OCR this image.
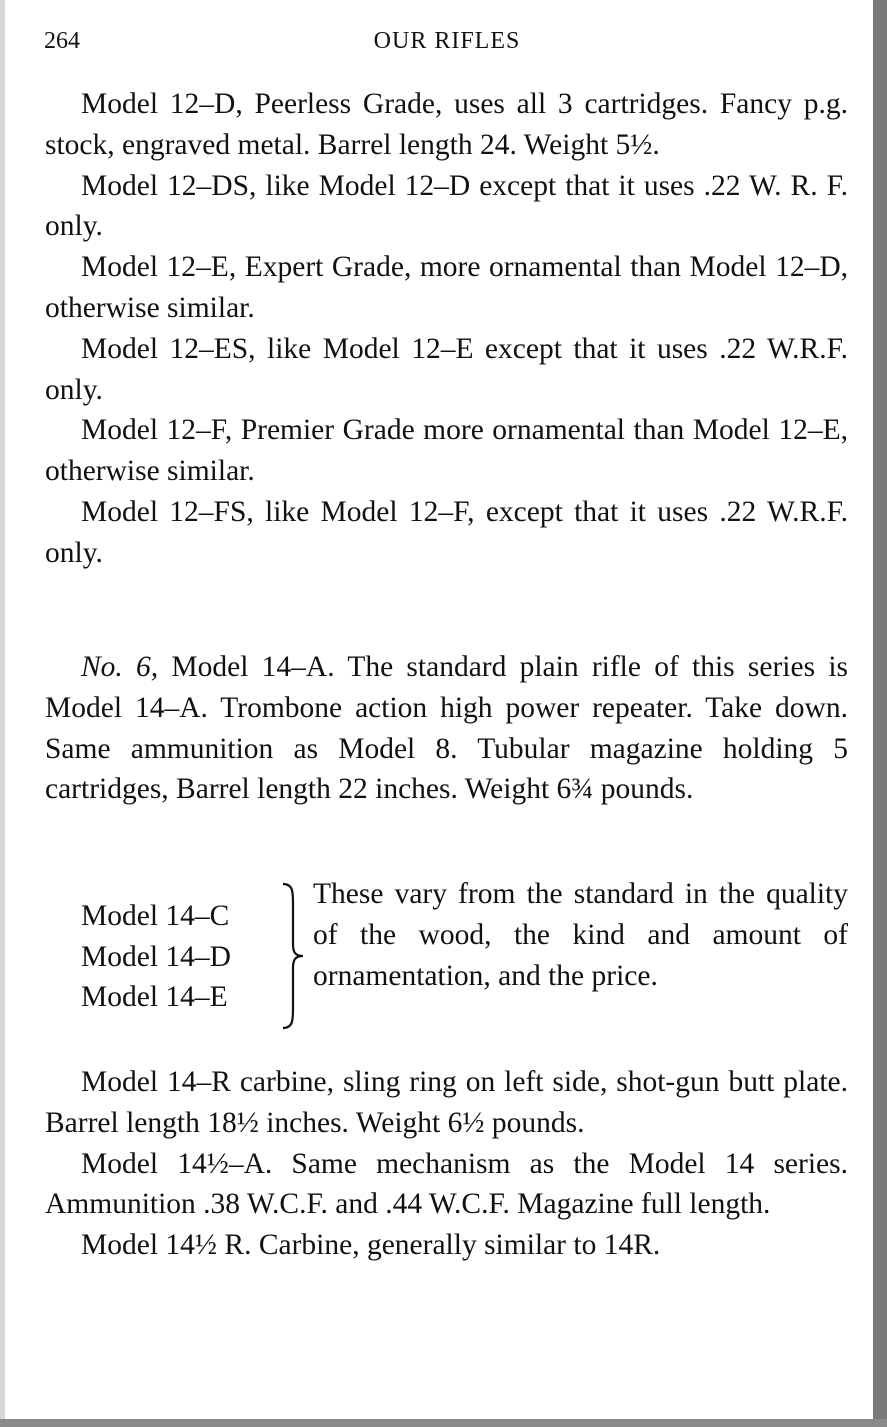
264	OUR RIFLES

Model 12–D, Peerless Grade, uses all 3 cartridges. Fancy p.g. stock, engraved metal. Barrel length 24. Weight 5½.

Model 12–DS, like Model 12–D except that it uses .22 W. R. F. only.

Model 12–E, Expert Grade, more ornamental than Model 12–D, otherwise similar.

Model 12–ES, like Model 12–E except that it uses .22 W.R.F. only.

Model 12–F, Premier Grade more ornamental than Model 12–E, otherwise similar.

Model 12–FS, like Model 12–F, except that it uses .22 W.R.F. only.

No. 6, Model 14–A. The standard plain rifle of this series is Model 14–A. Trombone action high power repeater. Take down. Same ammunition as Model 8. Tubular magazine holding 5 cartridges, Barrel length 22 inches. Weight 6¾ pounds.

Model 14–C
Model 14–D
Model 14–E
These vary from the standard in the quality of the wood, the kind and amount of ornamentation, and the price.

Model 14–R carbine, sling ring on left side, shot-gun butt plate. Barrel length 18½ inches. Weight 6½ pounds.

Model 14½–A. Same mechanism as the Model 14 series. Ammunition .38 W.C.F. and .44 W.C.F. Magazine full length.

Model 14½ R. Carbine, generally similar to 14R.
